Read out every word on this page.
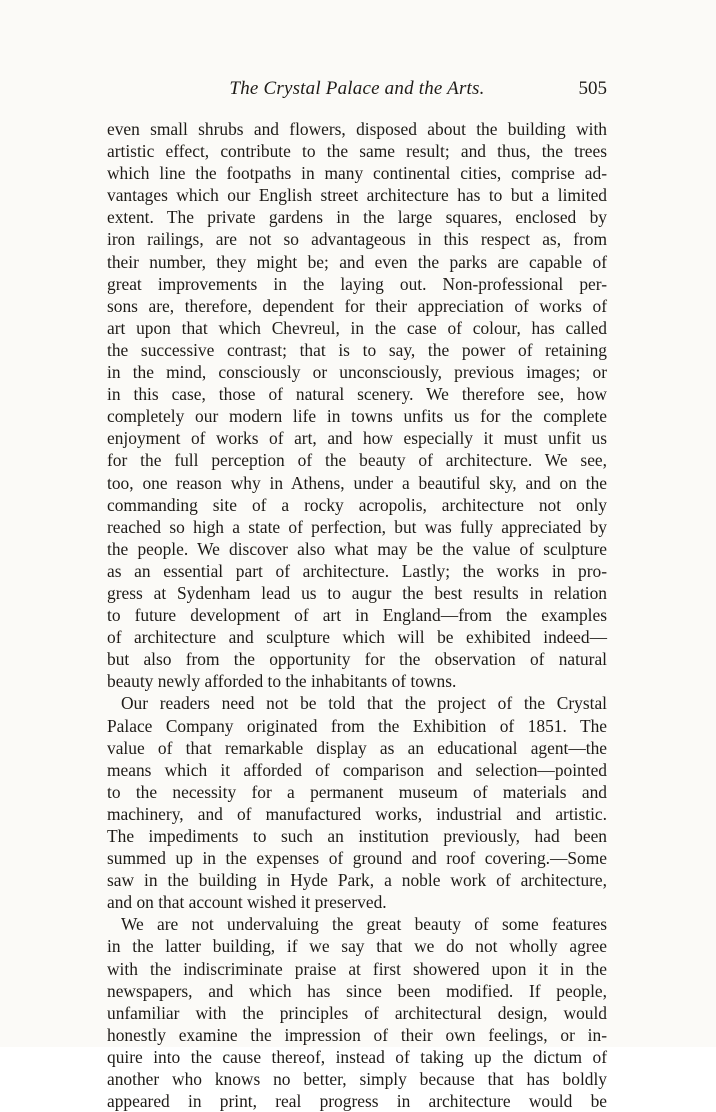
The Crystal Palace and the Arts.	505
even small shrubs and flowers, disposed about the building with
artistic effect, contribute to the same result; and thus, the trees
which line the footpaths in many continental cities, comprise ad-
vantages which our English street architecture has to but a limited
extent. The private gardens in the large squares, enclosed by
iron railings, are not so advantageous in this respect as, from
their number, they might be; and even the parks are capable of
great improvements in the laying out. Non-professional per-
sons are, therefore, dependent for their appreciation of works of
art upon that which Chevreul, in the case of colour, has called
the successive contrast; that is to say, the power of retaining
in the mind, consciously or unconsciously, previous images; or
in this case, those of natural scenery. We therefore see, how
completely our modern life in towns unfits us for the complete
enjoyment of works of art, and how especially it must unfit us
for the full perception of the beauty of architecture. We see,
too, one reason why in Athens, under a beautiful sky, and on the
commanding site of a rocky acropolis, architecture not only
reached so high a state of perfection, but was fully appreciated by
the people. We discover also what may be the value of sculpture
as an essential part of architecture. Lastly; the works in pro-
gress at Sydenham lead us to augur the best results in relation
to future development of art in England—from the examples
of architecture and sculpture which will be exhibited indeed—
but also from the opportunity for the observation of natural
beauty newly afforded to the inhabitants of towns.
Our readers need not be told that the project of the Crystal
Palace Company originated from the Exhibition of 1851. The
value of that remarkable display as an educational agent—the
means which it afforded of comparison and selection—pointed
to the necessity for a permanent museum of materials and
machinery, and of manufactured works, industrial and artistic.
The impediments to such an institution previously, had been
summed up in the expenses of ground and roof covering.—Some
saw in the building in Hyde Park, a noble work of architecture,
and on that account wished it preserved.
We are not undervaluing the great beauty of some features
in the latter building, if we say that we do not wholly agree
with the indiscriminate praise at first showered upon it in the
newspapers, and which has since been modified. If people,
unfamiliar with the principles of architectural design, would
honestly examine the impression of their own feelings, or in-
quire into the cause thereof, instead of taking up the dictum of
another who knows no better, simply because that has boldly
appeared in print, real progress in architecture would be
